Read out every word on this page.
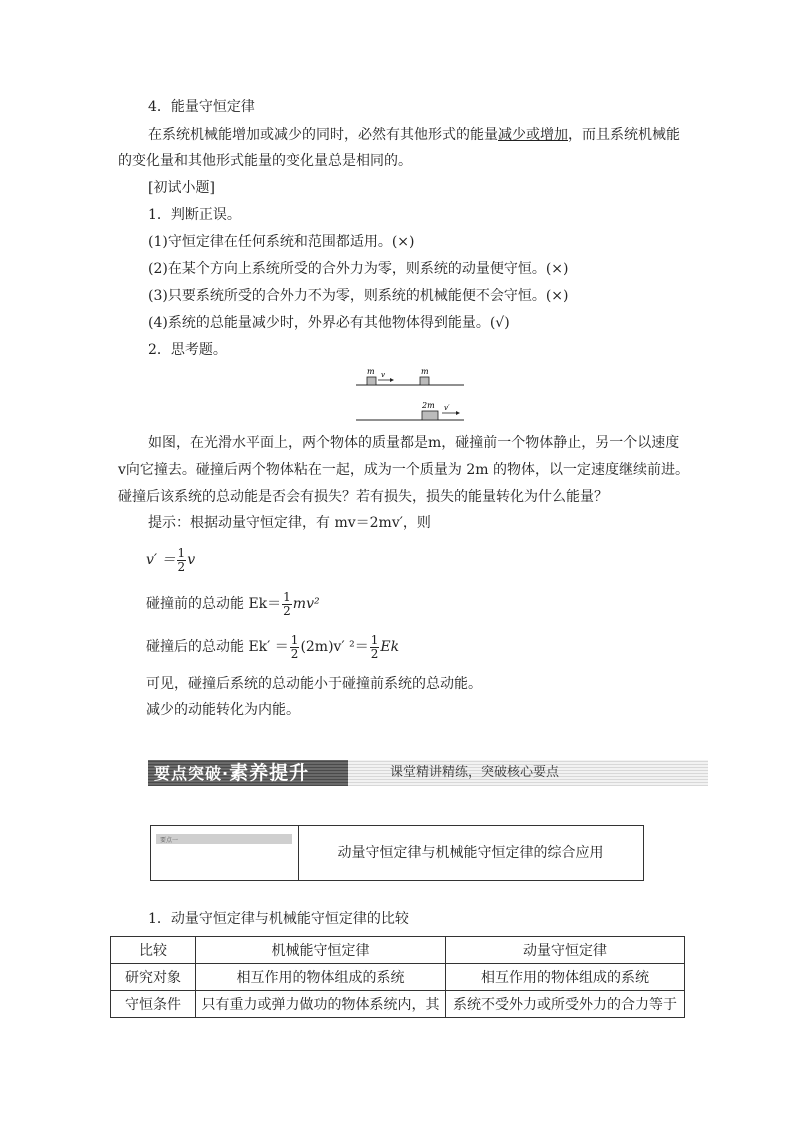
4．能量守恒定律
在系统机械能增加或减少的同时，必然有其他形式的能量减少或增加，而且系统机械能
的变化量和其他形式能量的变化量总是相同的。
[初试小题]
1．判断正误。
(1)守恒定律在任何系统和范围都适用。(×)
(2)在某个方向上系统所受的合外力为零，则系统的动量便守恒。(×)
(3)只要系统所受的合外力不为零，则系统的机械能便不会守恒。(×)
(4)系统的总能量减少时，外界必有其他物体得到能量。(√)
2．思考题。
m v	m
2m v′
如图，在光滑水平面上，两个物体的质量都是m，碰撞前一个物体静止，另一个以速度
v向它撞去。碰撞后两个物体粘在一起，成为一个质量为 2m 的物体，以一定速度继续前进。
碰撞后该系统的总动能是否会有损失？若有损失，损失的能量转化为什么能量？
提示：根据动量守恒定律，有 mv＝2mv′，则
$v' = \frac{1}{2}$ v
碰撞前的总动能 $Ek= \frac{1}{2} mv^2$
碰撞后的总动能 $Ek' = \frac{1}{2} (2m)v'$ $^2= \frac{1}{2}$ Ek
可见，碰撞后系统的总动能小于碰撞前系统的总动能。
减少的动能转化为内能。
要点突破·素养提升	课堂精讲精练，突破核心要点
要点一
动量守恒定律与机械能守恒定律的综合应用
1．动量守恒定律与机械能守恒定律的比较
比较	机械能守恒定律	动量守恒定律
研究对象	相互作用的物体组成的系统	相互作用的物体组成的系统
守恒条件	只有重力或弹力做功的物体系统内，其	系统不受外力或所受外力的合力等于
